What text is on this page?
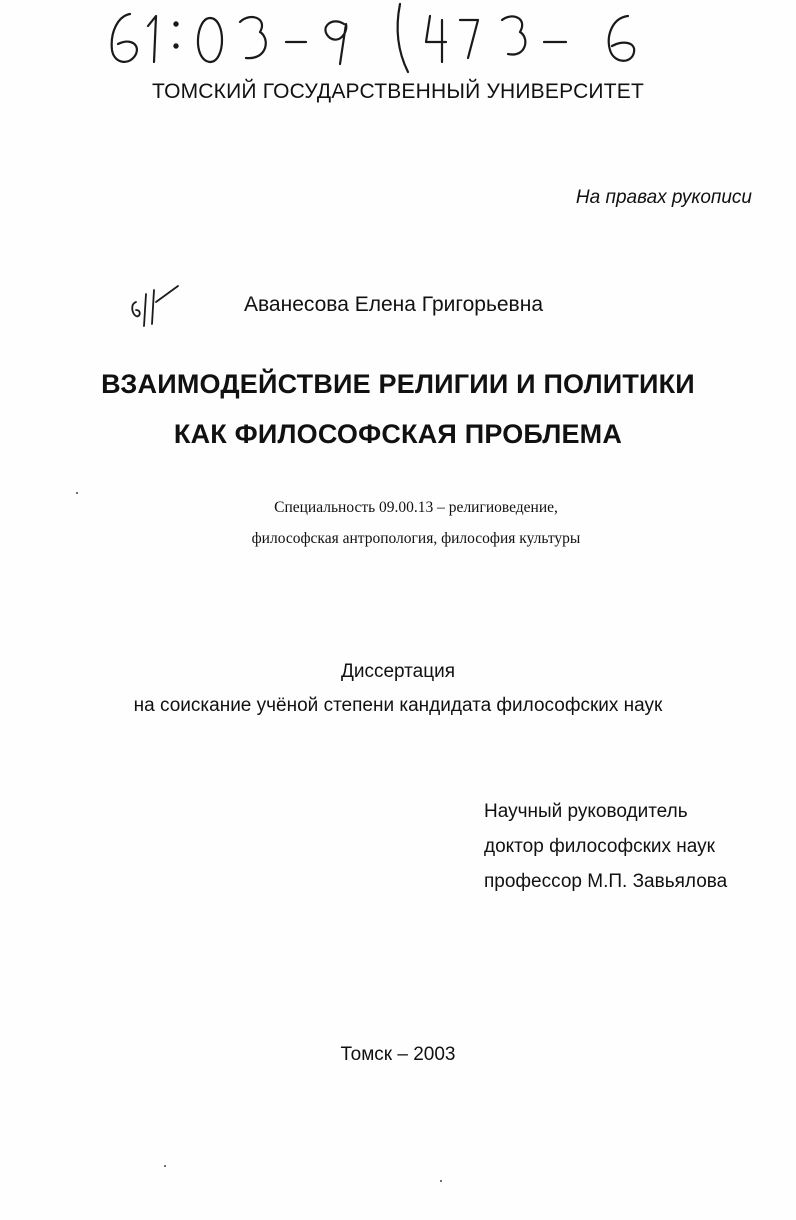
ТОМСКИЙ ГОСУДАРСТВЕННЫЙ УНИВЕРСИТЕТ
На правах рукописи
Аванесова Елена Григорьевна
ВЗАИМОДЕЙСТВИЕ РЕЛИГИИ И ПОЛИТИКИ
КАК ФИЛОСОФСКАЯ ПРОБЛЕМА
Специальность 09.00.13 – религиоведение,
философская антропология, философия культуры
Диссертация
на соискание учёной степени кандидата философских наук
Научный руководитель
доктор философских наук
профессор М.П. Завьялова
Томск – 2003
